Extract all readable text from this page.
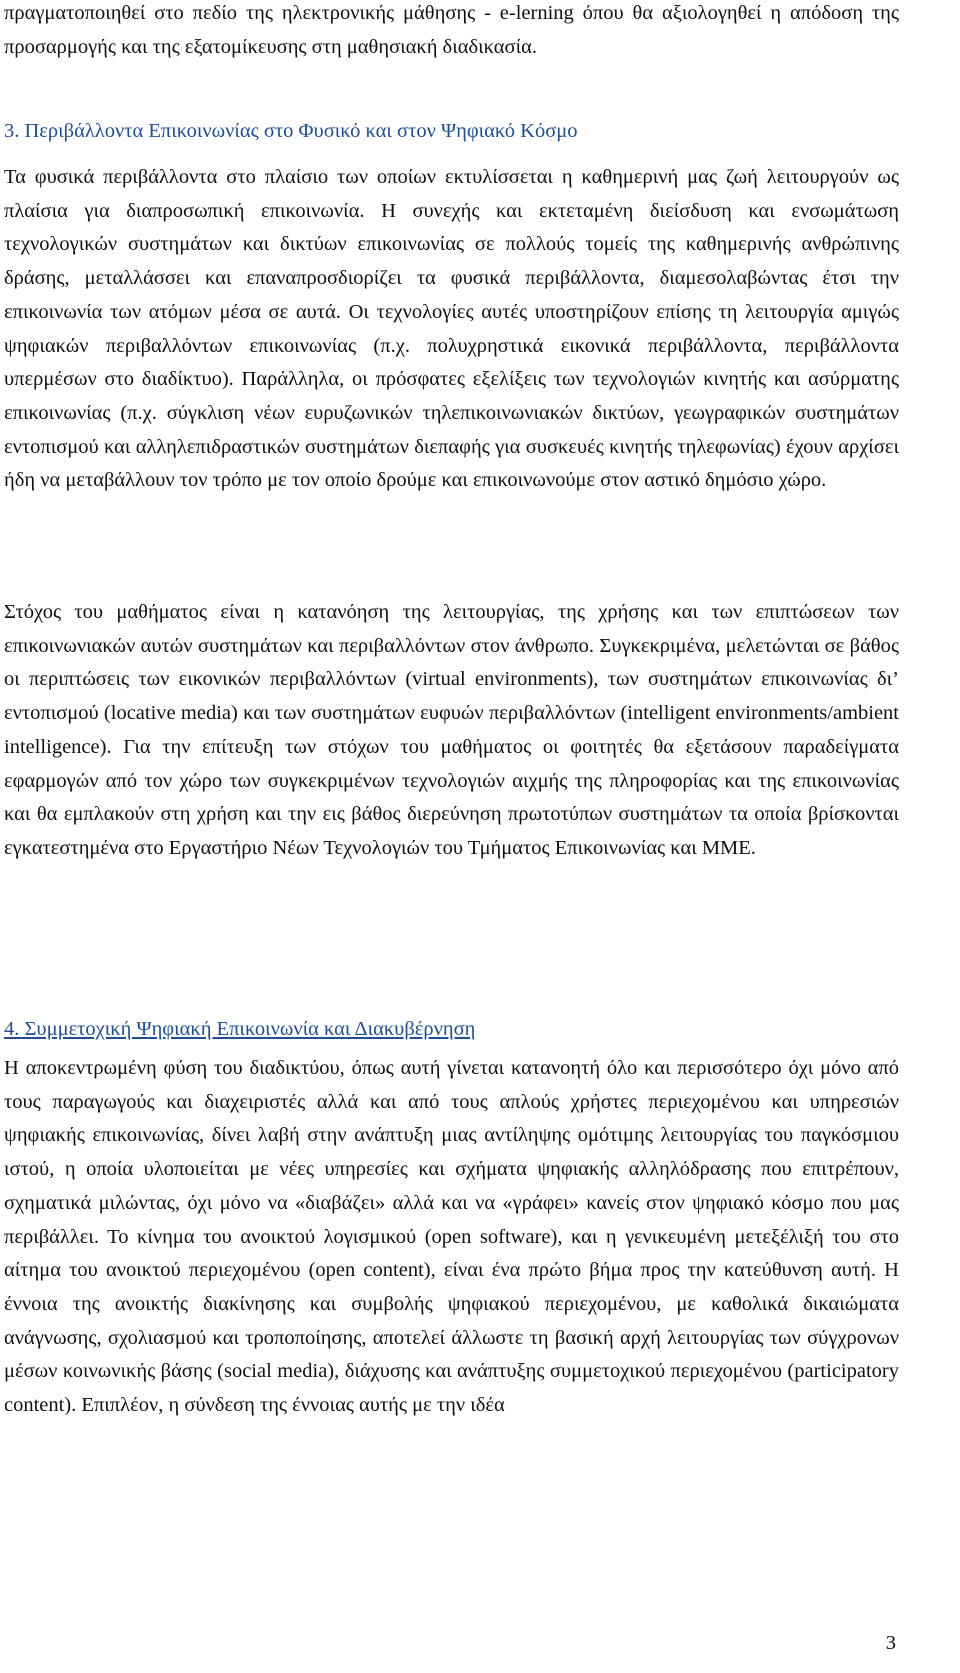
πραγματοποιηθεί στο πεδίο της ηλεκτρονικής μάθησης - e-lerning όπου θα αξιολογηθεί η απόδοση της προσαρμογής και της εξατομίκευσης στη μαθησιακή διαδικασία.

3. Περιβάλλοντα Επικοινωνίας στο Φυσικό και στον Ψηφιακό Κόσμο

Τα φυσικά περιβάλλοντα στο πλαίσιο των οποίων εκτυλίσσεται η καθημερινή μας ζωή λειτουργούν ως πλαίσια για διαπροσωπική επικοινωνία. Η συνεχής και εκτεταμένη διείσδυση και ενσωμάτωση τεχνολογικών συστημάτων και δικτύων επικοινωνίας σε πολλούς τομείς της καθημερινής ανθρώπινης δράσης, μεταλλάσσει και επαναπροσδιορίζει τα φυσικά περιβάλλοντα, διαμεσολαβώντας έτσι την επικοινωνία των ατόμων μέσα σε αυτά. Οι τεχνολογίες αυτές υποστηρίζουν επίσης τη λειτουργία αμιγώς ψηφιακών περιβαλλόντων επικοινωνίας (π.χ. πολυχρηστικά εικονικά περιβάλλοντα, περιβάλλοντα υπερμέσων στο διαδίκτυο). Παράλληλα, οι πρόσφατες εξελίξεις των τεχνολογιών κινητής και ασύρματης επικοινωνίας (π.χ. σύγκλιση νέων ευρυζωνικών τηλεπικοινωνιακών δικτύων, γεωγραφικών συστημάτων εντοπισμού και αλληλεπιδραστικών συστημάτων διεπαφής για συσκευές κινητής τηλεφωνίας) έχουν αρχίσει ήδη να μεταβάλλουν τον τρόπο με τον οποίο δρούμε και επικοινωνούμε στον αστικό δημόσιο χώρο.

Στόχος του μαθήματος είναι η κατανόηση της λειτουργίας, της χρήσης και των επιπτώσεων των επικοινωνιακών αυτών συστημάτων και περιβαλλόντων στον άνθρωπο. Συγκεκριμένα, μελετώνται σε βάθος οι περιπτώσεις των εικονικών περιβαλλόντων (virtual environments), των συστημάτων επικοινωνίας δι’ εντοπισμού (locative media) και των συστημάτων ευφυών περιβαλλόντων (intelligent environments/ambient intelligence). Για την επίτευξη των στόχων του μαθήματος οι φοιτητές θα εξετάσουν παραδείγματα εφαρμογών από τον χώρο των συγκεκριμένων τεχνολογιών αιχμής της πληροφορίας και της επικοινωνίας και θα εμπλακούν στη χρήση και την εις βάθος διερεύνηση πρωτοτύπων συστημάτων τα οποία βρίσκονται εγκατεστημένα στο Εργαστήριο Νέων Τεχνολογιών του Τμήματος Επικοινωνίας και ΜΜΕ.

4. Συμμετοχική Ψηφιακή Επικοινωνία και Διακυβέρνηση

Η αποκεντρωμένη φύση του διαδικτύου, όπως αυτή γίνεται κατανοητή όλο και περισσότερο όχι μόνο από τους παραγωγούς και διαχειριστές αλλά και από τους απλούς χρήστες περιεχομένου και υπηρεσιών ψηφιακής επικοινωνίας, δίνει λαβή στην ανάπτυξη μιας αντίληψης ομότιμης λειτουργίας του παγκόσμιου ιστού, η οποία υλοποιείται με νέες υπηρεσίες και σχήματα ψηφιακής αλληλόδρασης που επιτρέπουν, σχηματικά μιλώντας, όχι μόνο να «διαβάζει» αλλά και να «γράφει» κανείς στον ψηφιακό κόσμο που μας περιβάλλει. Το κίνημα του ανοικτού λογισμικού (open software), και η γενικευμένη μετεξέλιξή του στο αίτημα του ανοικτού περιεχομένου (open content), είναι ένα πρώτο βήμα προς την κατεύθυνση αυτή. Η έννοια της ανοικτής διακίνησης και συμβολής ψηφιακού περιεχομένου, με καθολικά δικαιώματα ανάγνωσης, σχολιασμού και τροποποίησης, αποτελεί άλλωστε τη βασική αρχή λειτουργίας των σύγχρονων μέσων κοινωνικής βάσης (social media), διάχυσης και ανάπτυξης συμμετοχικού περιεχομένου (participatory content). Επιπλέον, η σύνδεση της έννοιας αυτής με την ιδέα

3
